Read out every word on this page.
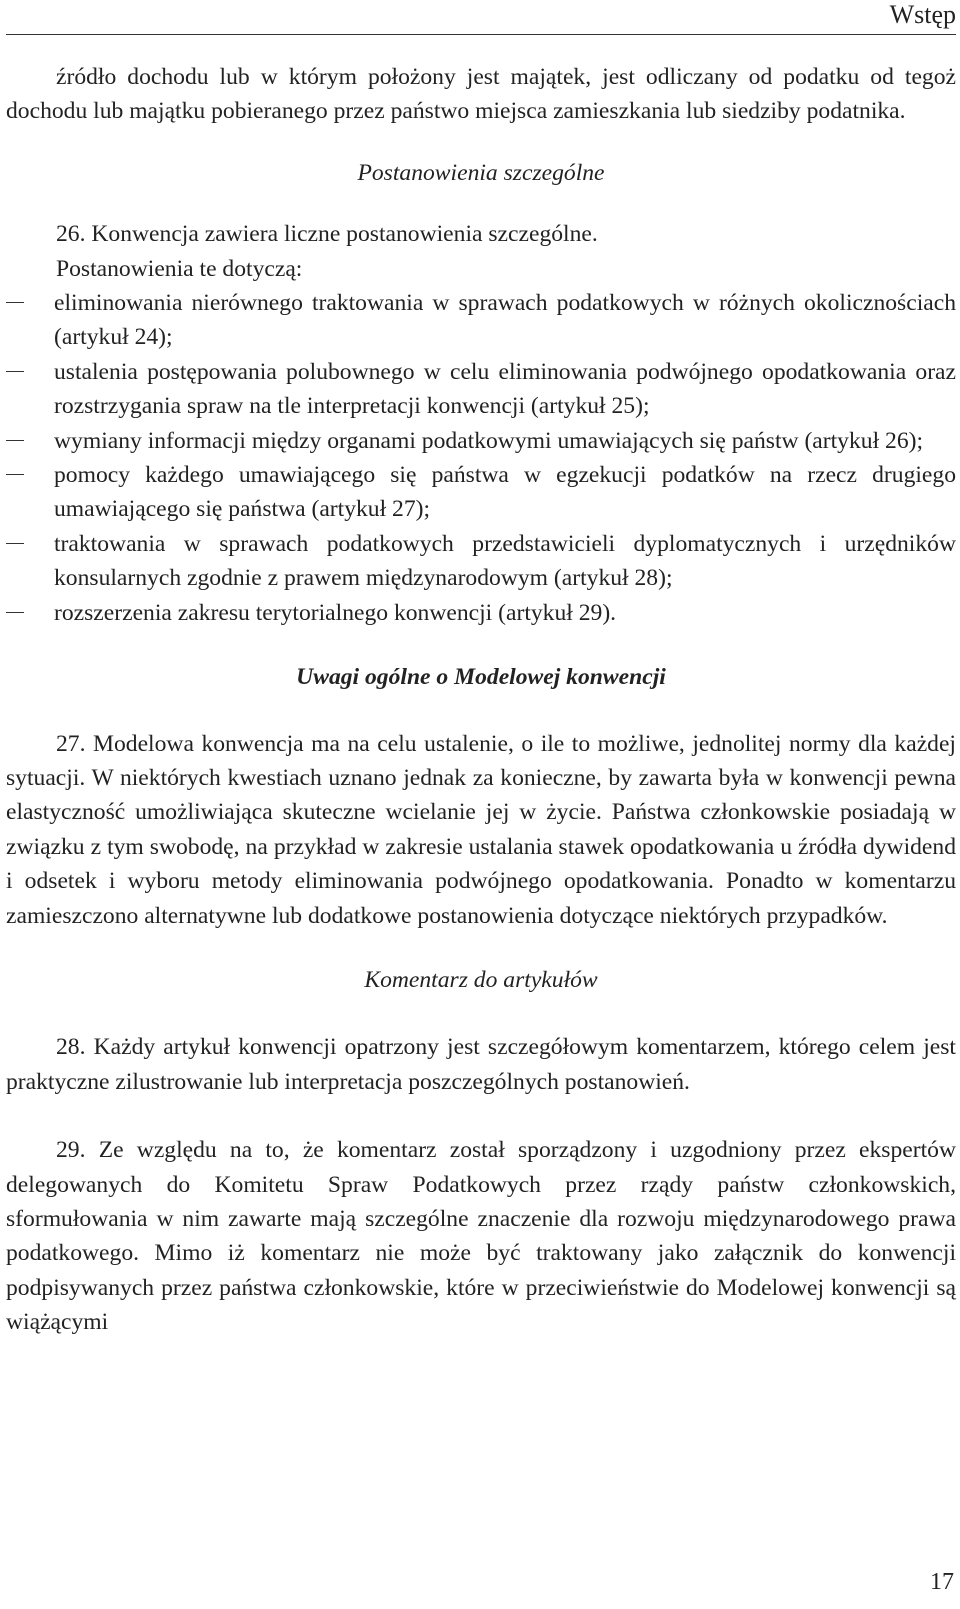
Wstęp

źródło dochodu lub w którym położony jest majątek, jest odliczany od podatku od tegoż dochodu lub majątku pobieranego przez państwo miejsca zamieszkania lub siedziby podatnika.

Postanowienia szczególne

26. Konwencja zawiera liczne postanowienia szczególne.

Postanowienia te dotyczą:

eliminowania nierównego traktowania w sprawach podatkowych w różnych okolicznościach (artykuł 24);
ustalenia postępowania polubownego w celu eliminowania podwójnego opodatkowania oraz rozstrzygania spraw na tle interpretacji konwencji (artykuł 25);
wymiany informacji między organami podatkowymi umawiających się państw (artykuł 26);
pomocy każdego umawiającego się państwa w egzekucji podatków na rzecz drugiego umawiającego się państwa (artykuł 27);
traktowania w sprawach podatkowych przedstawicieli dyplomatycznych i urzędników konsularnych zgodnie z prawem międzynarodowym (artykuł 28);
rozszerzenia zakresu terytorialnego konwencji (artykuł 29).

Uwagi ogólne o Modelowej konwencji

27. Modelowa konwencja ma na celu ustalenie, o ile to możliwe, jednolitej normy dla każdej sytuacji. W niektórych kwestiach uznano jednak za konieczne, by zawarta była w konwencji pewna elastyczność umożliwiająca skuteczne wcielanie jej w życie. Państwa członkowskie posiadają w związku z tym swobodę, na przykład w zakresie ustalania stawek opodatkowania u źródła dywidend i odsetek i wyboru metody eliminowania podwójnego opodatkowania. Ponadto w komentarzu zamieszczono alternatywne lub dodatkowe postanowienia dotyczące niektórych przypadków.

Komentarz do artykułów

28. Każdy artykuł konwencji opatrzony jest szczegółowym komentarzem, którego celem jest praktyczne zilustrowanie lub interpretacja poszczególnych postanowień.

29. Ze względu na to, że komentarz został sporządzony i uzgodniony przez ekspertów delegowanych do Komitetu Spraw Podatkowych przez rządy państw członkowskich, sformułowania w nim zawarte mają szczególne znaczenie dla rozwoju międzynarodowego prawa podatkowego. Mimo iż komentarz nie może być traktowany jako załącznik do konwencji podpisywanych przez państwa członkowskie, które w przeciwieństwie do Modelowej konwencji są wiążącymi

17
